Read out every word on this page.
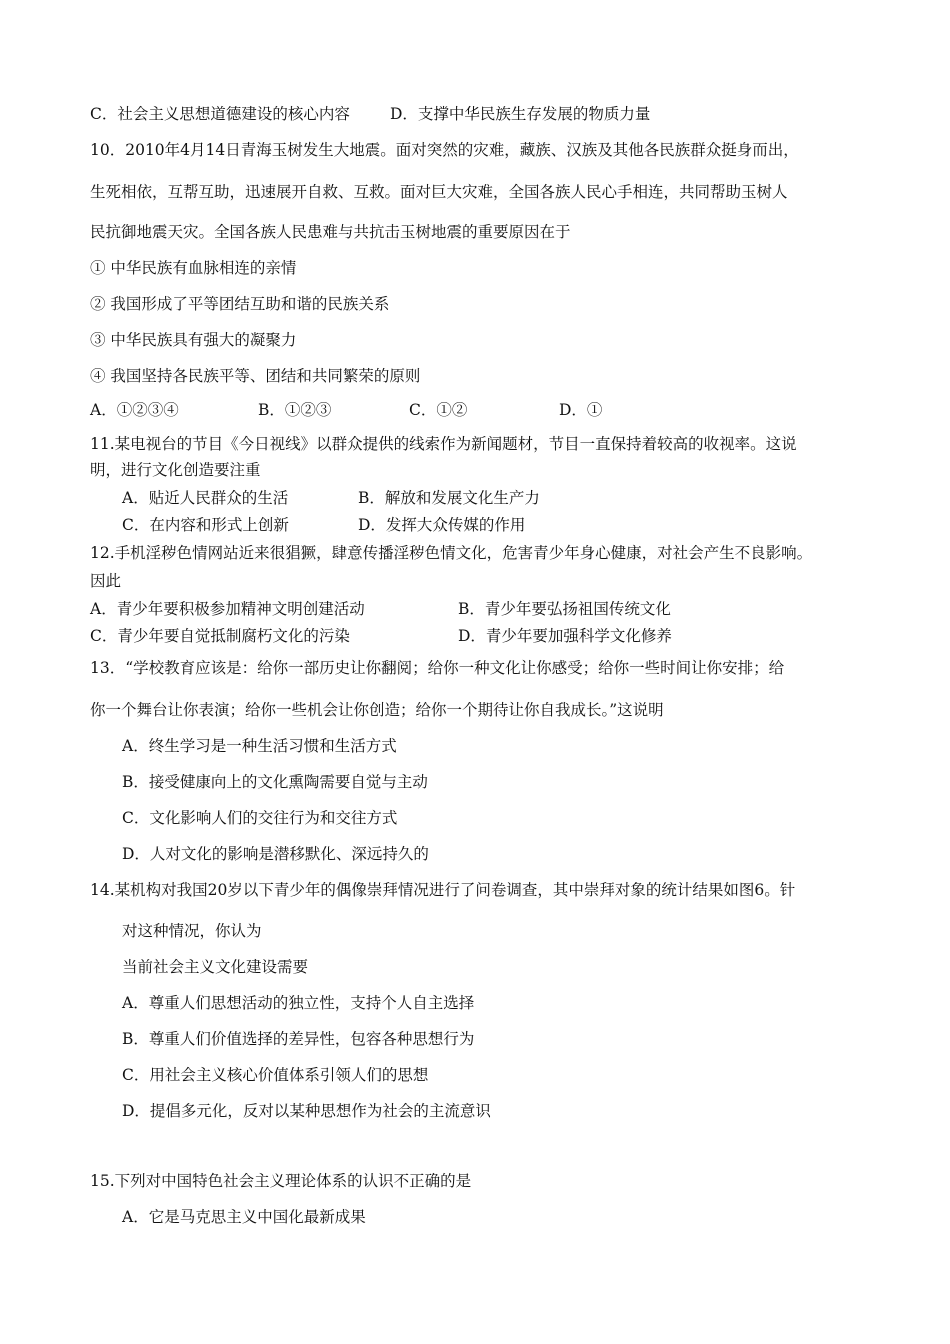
C．社会主义思想道德建设的核心内容	D．支撑中华民族生存发展的物质力量
10．2010年4月14日青海玉树发生大地震。面对突然的灾难，藏族、汉族及其他各民族群众挺身而出，
生死相依，互帮互助，迅速展开自救、互救。面对巨大灾难，全国各族人民心手相连，共同帮助玉树人
民抗御地震天灾。全国各族人民患难与共抗击玉树地震的重要原因在于
① 中华民族有血脉相连的亲情
② 我国形成了平等团结互助和谐的民族关系
③ 中华民族具有强大的凝聚力
④ 我国坚持各民族平等、团结和共同繁荣的原则
A．①②③④	B．①②③	C．①②	D．①
11.某电视台的节目《今日视线》以群众提供的线索作为新闻题材，节目一直保持着较高的收视率。这说
明，进行文化创造要注重
A．贴近人民群众的生活	B．解放和发展文化生产力
C．在内容和形式上创新	D．发挥大众传媒的作用
12.手机淫秽色情网站近来很猖獗，肆意传播淫秽色情文化，危害青少年身心健康，对社会产生不良影响。
因此
A．青少年要积极参加精神文明创建活动	B．青少年要弘扬祖国传统文化
C．青少年要自觉抵制腐朽文化的污染	D．青少年要加强科学文化修养
13．“学校教育应该是：给你一部历史让你翻阅；给你一种文化让你感受；给你一些时间让你安排；给
你一个舞台让你表演；给你一些机会让你创造；给你一个期待让你自我成长。”这说明
A．终生学习是一种生活习惯和生活方式
B．接受健康向上的文化熏陶需要自觉与主动
C．文化影响人们的交往行为和交往方式
D．人对文化的影响是潜移默化、深远持久的
14.某机构对我国20岁以下青少年的偶像崇拜情况进行了问卷调查，其中崇拜对象的统计结果如图6。针
对这种情况，你认为
当前社会主义文化建设需要
A．尊重人们思想活动的独立性，支持个人自主选择
B．尊重人们价值选择的差异性，包容各种思想行为
C．用社会主义核心价值体系引领人们的思想
D．提倡多元化，反对以某种思想作为社会的主流意识
15.下列对中国特色社会主义理论体系的认识不正确的是
A．它是马克思主义中国化最新成果
